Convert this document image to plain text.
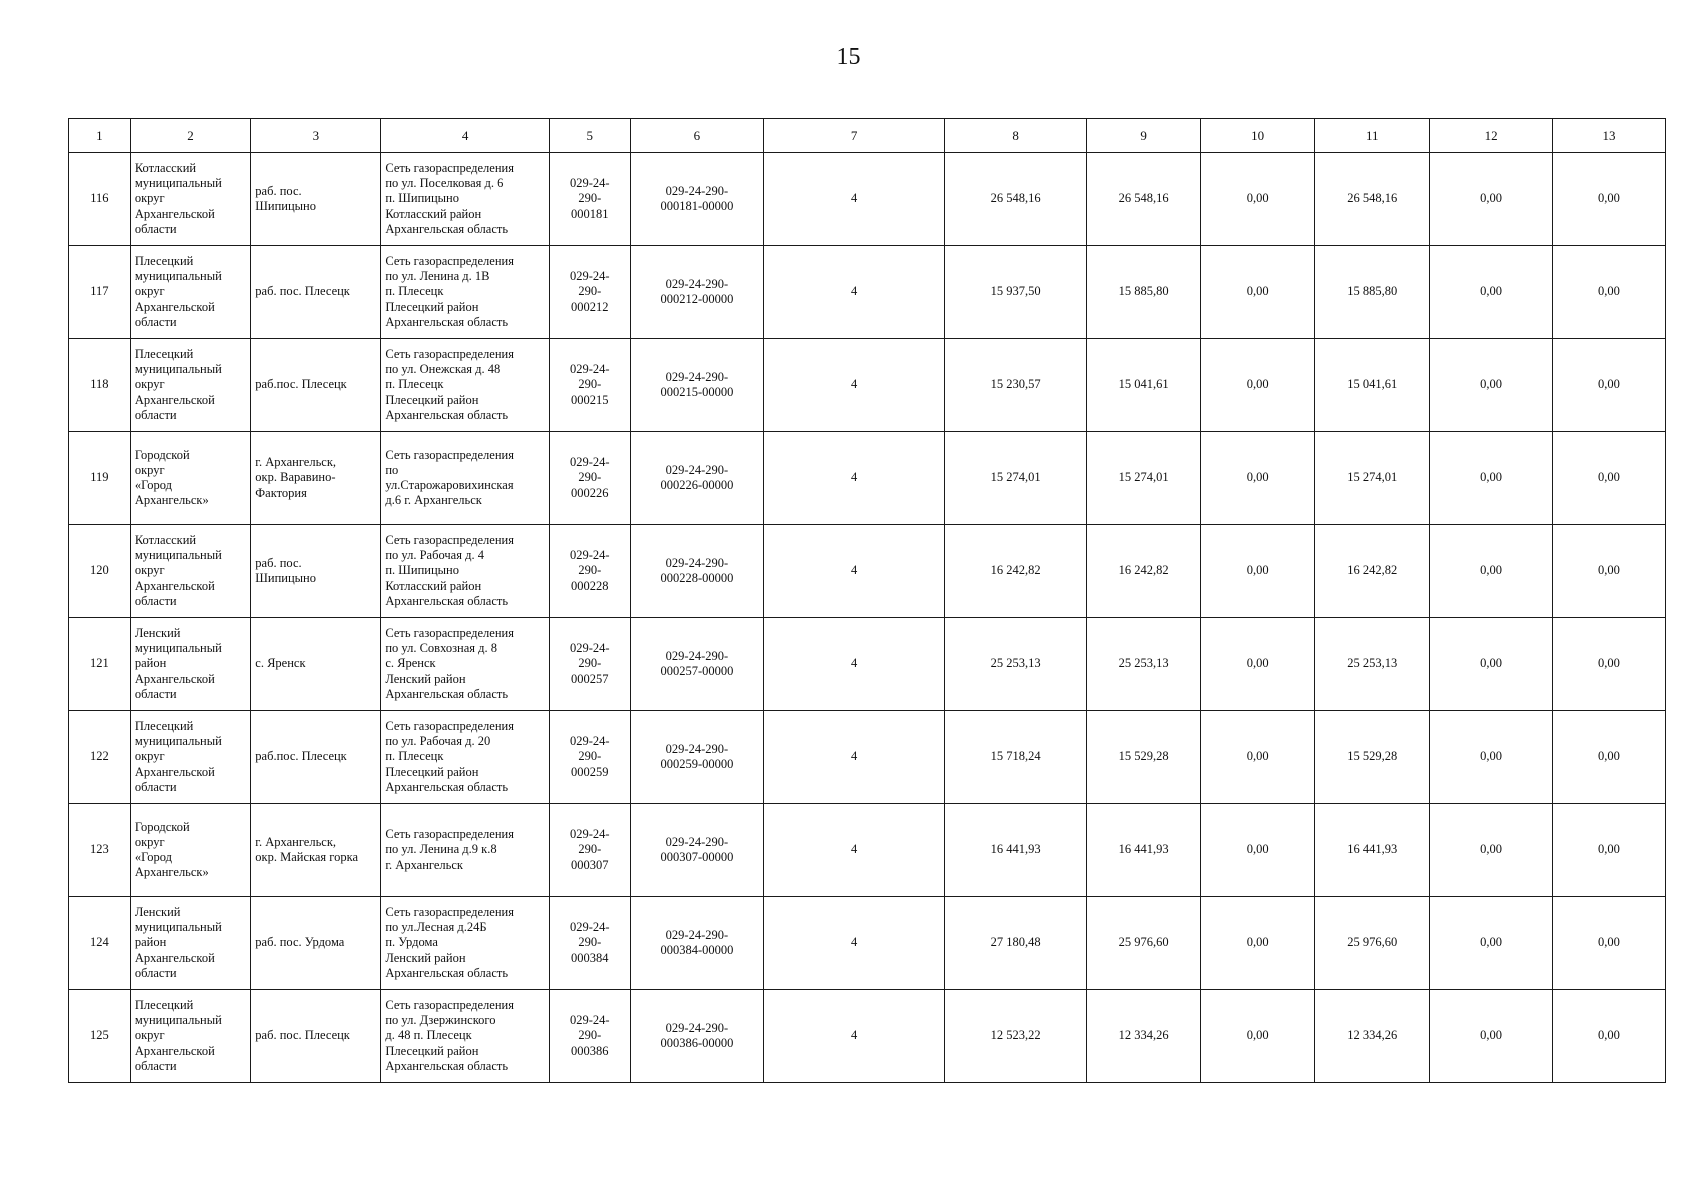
15
1	2	3	4	5	6	7	8	9	10	11	12	13
116	Котласский
муниципальный
округ
Архангельской
области	раб. пос.
Шипицыно	Сеть газораспределения
по ул. Поселковая д. 6
п. Шипицыно
Котласский район
Архангельская область	029-24-
290-
000181	029-24-290-
000181-00000	4	26 548,16	26 548,16	0,00	26 548,16	0,00	0,00
117	Плесецкий
муниципальный
округ
Архангельской
области	раб. пос. Плесецк	Сеть газораспределения
по ул. Ленина д. 1В
п. Плесецк
Плесецкий район
Архангельская область	029-24-
290-
000212	029-24-290-
000212-00000	4	15 937,50	15 885,80	0,00	15 885,80	0,00	0,00
118	Плесецкий
муниципальный
округ
Архангельской
области	раб.пос. Плесецк	Сеть газораспределения
по ул. Онежская д. 48
п. Плесецк
Плесецкий район
Архангельская область	029-24-
290-
000215	029-24-290-
000215-00000	4	15 230,57	15 041,61	0,00	15 041,61	0,00	0,00
119	Городской
округ
«Город
Архангельск»	г. Архангельск,
окр. Варавино-
Фактория	Сеть газораспределения
по
ул.Старожаровихинская
д.6 г. Архангельск	029-24-
290-
000226	029-24-290-
000226-00000	4	15 274,01	15 274,01	0,00	15 274,01	0,00	0,00
120	Котласский
муниципальный
округ
Архангельской
области	раб. пос.
Шипицыно	Сеть газораспределения
по ул. Рабочая д. 4
п. Шипицыно
Котласский район
Архангельская область	029-24-
290-
000228	029-24-290-
000228-00000	4	16 242,82	16 242,82	0,00	16 242,82	0,00	0,00
121	Ленский
муниципальный
район
Архангельской
области	с. Яренск	Сеть газораспределения
по ул. Совхозная д. 8
с. Яренск
Ленский район
Архангельская область	029-24-
290-
000257	029-24-290-
000257-00000	4	25 253,13	25 253,13	0,00	25 253,13	0,00	0,00
122	Плесецкий
муниципальный
округ
Архангельской
области	раб.пос. Плесецк	Сеть газораспределения
по ул. Рабочая д. 20
п. Плесецк
Плесецкий район
Архангельская область	029-24-
290-
000259	029-24-290-
000259-00000	4	15 718,24	15 529,28	0,00	15 529,28	0,00	0,00
123	Городской
округ
«Город
Архангельск»	г. Архангельск,
окр. Майская горка	Сеть газораспределения
по ул. Ленина д.9 к.8
г. Архангельск	029-24-
290-
000307	029-24-290-
000307-00000	4	16 441,93	16 441,93	0,00	16 441,93	0,00	0,00
124	Ленский
муниципальный
район
Архангельской
области	раб. пос. Урдома	Сеть газораспределения
по ул.Лесная д.24Б
п. Урдома
Ленский район
Архангельская область	029-24-
290-
000384	029-24-290-
000384-00000	4	27 180,48	25 976,60	0,00	25 976,60	0,00	0,00
125	Плесецкий
муниципальный
округ
Архангельской
области	раб. пос. Плесецк	Сеть газораспределения
по ул. Дзержинского
д. 48 п. Плесецк
Плесецкий район
Архангельская область	029-24-
290-
000386	029-24-290-
000386-00000	4	12 523,22	12 334,26	0,00	12 334,26	0,00	0,00
